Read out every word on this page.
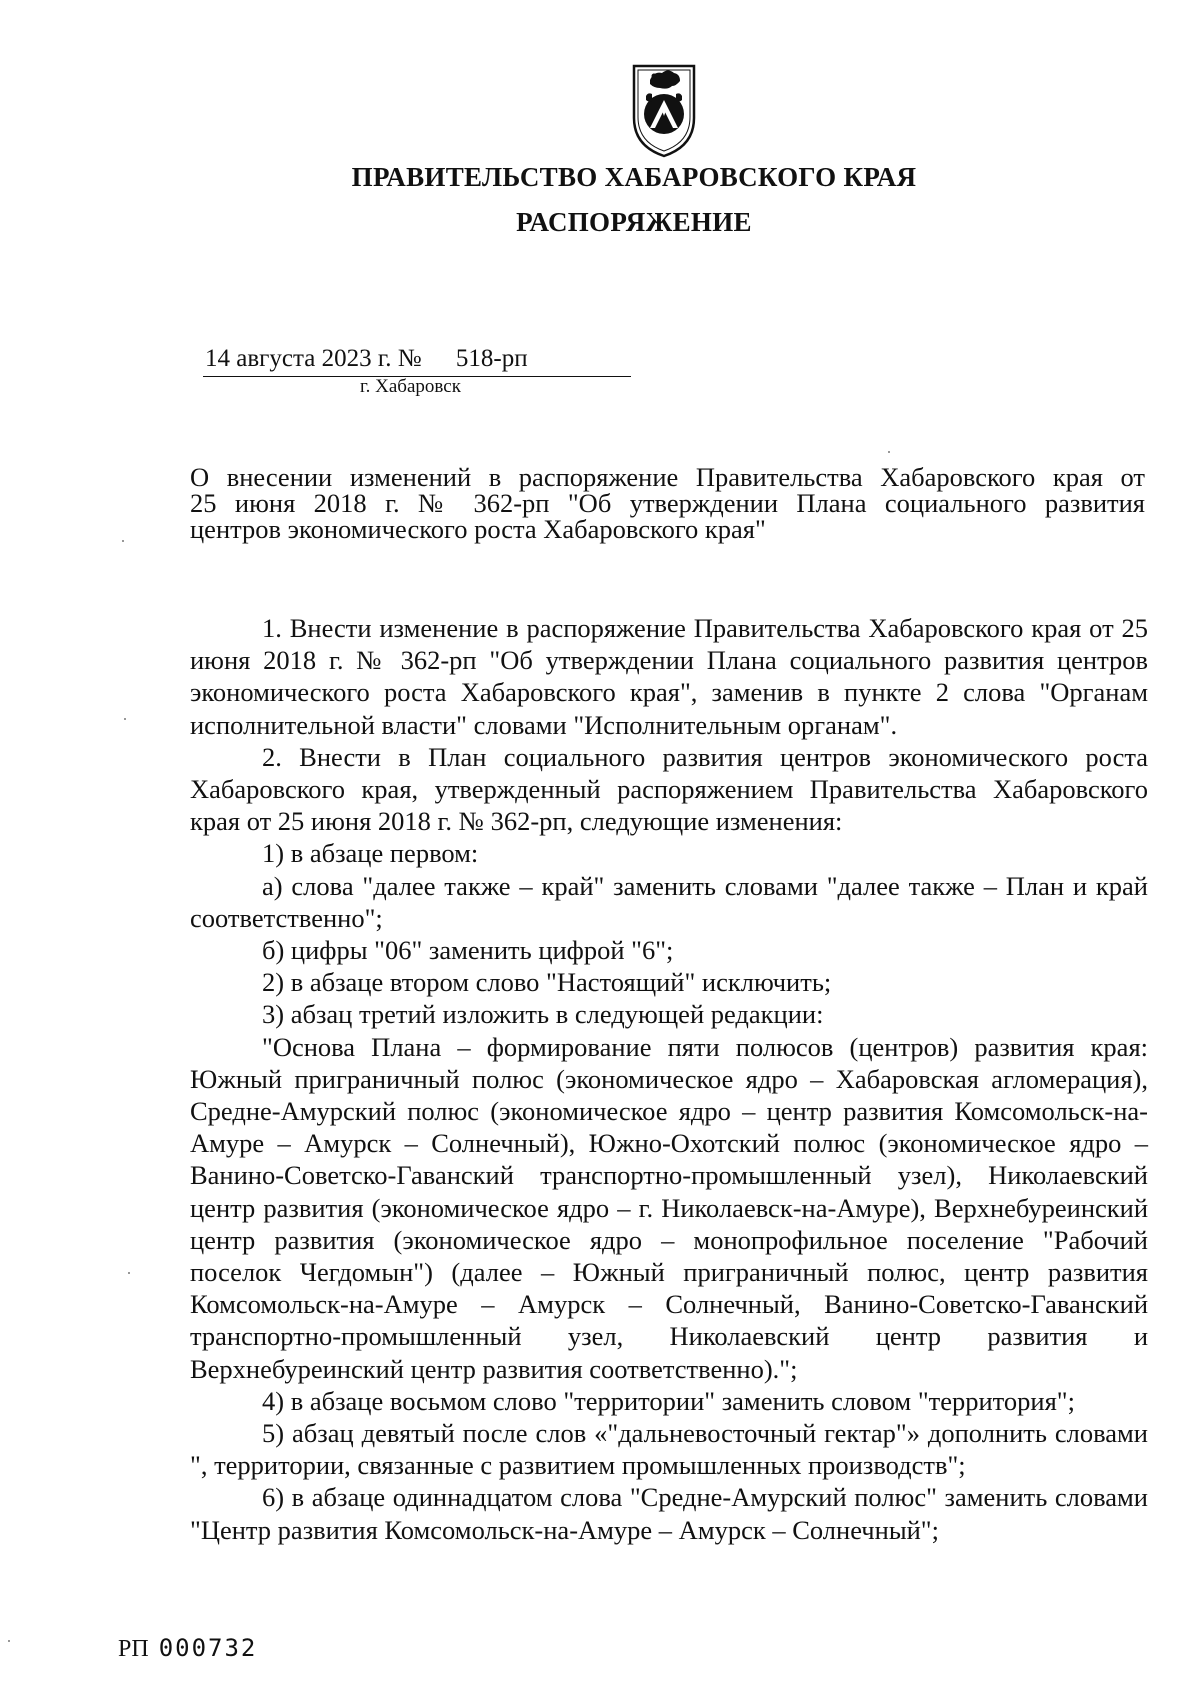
ПРАВИТЕЛЬСТВО ХАБАРОВСКОГО КРАЯ
РАСПОРЯЖЕНИЕ
14 августа 2023 г. № 518-рп
г. Хабаровск

О внесении изменений в распоряжение Правительства Хабаровского края от

25 июня 2018 г. № 362-рп "Об утверждении Плана социального развития

центров экономического роста Хабаровского края"

1. Внести изменение в распоряжение Правительства Хабаровского края от 25 июня 2018 г. № 362-рп "Об утверждении Плана социального развития центров экономического роста Хабаровского края", заменив в пункте 2 слова "Органам исполнительной власти" словами "Исполнительным органам".

2. Внести в План социального развития центров экономического роста Хабаровского края, утвержденный распоряжением Правительства Хабаровского края от 25 июня 2018 г. № 362-рп, следующие изменения:

1) в абзаце первом:

а) слова "далее также – край" заменить словами "далее также – План и край соответственно";

б) цифры "06" заменить цифрой "6";

2) в абзаце втором слово "Настоящий" исключить;

3) абзац третий изложить в следующей редакции:

"Основа Плана – формирование пяти полюсов (центров) развития края: Южный приграничный полюс (экономическое ядро – Хабаровская агломерация), Средне-Амурский полюс (экономическое ядро – центр развития Комсомольск-на-Амуре – Амурск – Солнечный), Южно-Охотский полюс (экономическое ядро – Ванино-Советско-Гаванский транспортно-промышленный узел), Николаевский центр развития (экономическое ядро – г. Николаевск-на-Амуре), Верхнебуреинский центр развития (экономическое ядро – монопрофильное поселение "Рабочий поселок Чегдомын") (далее – Южный приграничный полюс, центр развития Комсомольск-на-Амуре – Амурск – Солнечный, Ванино-Советско-Гаванский транспортно-промышленный узел, Николаевский центр развития и Верхнебуреинский центр развития соответственно).";

4) в абзаце восьмом слово "территории" заменить словом "территория";

5) абзац девятый после слов «"дальневосточный гектар"» дополнить словами ", территории, связанные с развитием промышленных производств";

6) в абзаце одиннадцатом слова "Средне-Амурский полюс" заменить словами "Центр развития Комсомольск-на-Амуре – Амурск – Солнечный";

РП 000732
